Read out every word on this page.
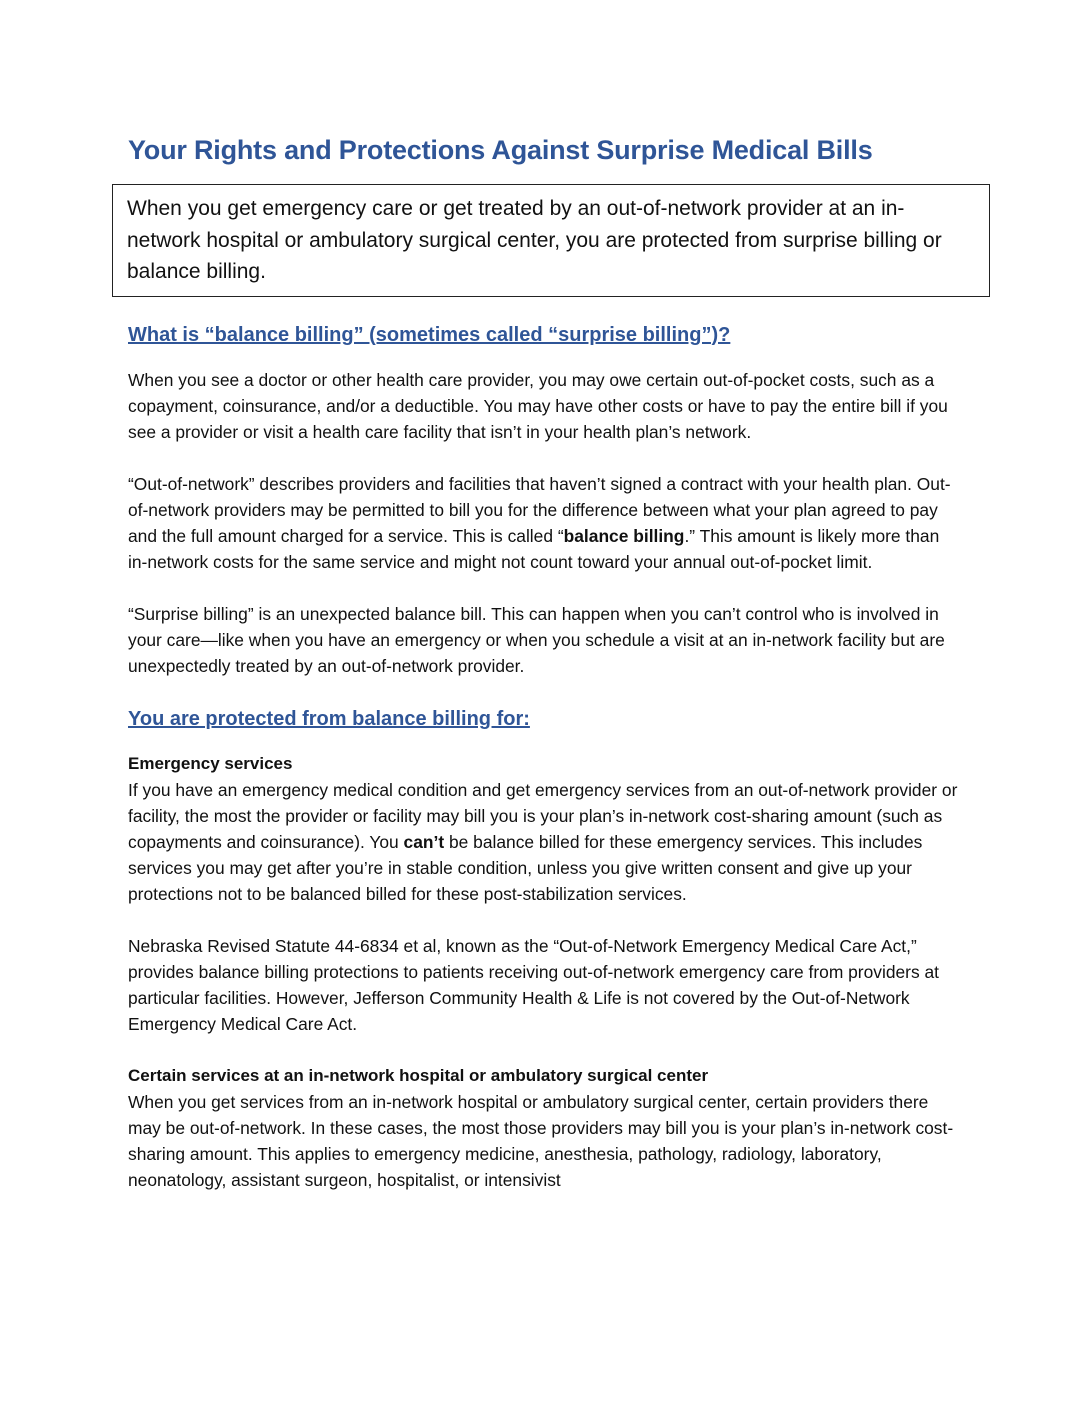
Your Rights and Protections Against Surprise Medical Bills
When you get emergency care or get treated by an out-of-network provider at an in-network hospital or ambulatory surgical center, you are protected from surprise billing or balance billing.
What is “balance billing” (sometimes called “surprise billing”)?

When you see a doctor or other health care provider, you may owe certain out-of-pocket costs, such as a copayment, coinsurance, and/or a deductible. You may have other costs or have to pay the entire bill if you see a provider or visit a health care facility that isn’t in your health plan’s network.

“Out-of-network” describes providers and facilities that haven’t signed a contract with your health plan. Out-of-network providers may be permitted to bill you for the difference between what your plan agreed to pay and the full amount charged for a service. This is called “balance billing.” This amount is likely more than in-network costs for the same service and might not count toward your annual out-of-pocket limit.

“Surprise billing” is an unexpected balance bill. This can happen when you can’t control who is involved in your care—like when you have an emergency or when you schedule a visit at an in-network facility but are unexpectedly treated by an out-of-network provider.

You are protected from balance billing for:

Emergency services

If you have an emergency medical condition and get emergency services from an out-of-network provider or facility, the most the provider or facility may bill you is your plan’s in-network cost-sharing amount (such as copayments and coinsurance). You can’t be balance billed for these emergency services. This includes services you may get after you’re in stable condition, unless you give written consent and give up your protections not to be balanced billed for these post-stabilization services.

Nebraska Revised Statute 44-6834 et al, known as the “Out-of-Network Emergency Medical Care Act,” provides balance billing protections to patients receiving out-of-network emergency care from providers at particular facilities. However, Jefferson Community Health & Life is not covered by the Out-of-Network Emergency Medical Care Act.

Certain services at an in-network hospital or ambulatory surgical center

When you get services from an in-network hospital or ambulatory surgical center, certain providers there may be out-of-network. In these cases, the most those providers may bill you is your plan’s in-network cost-sharing amount. This applies to emergency medicine, anesthesia, pathology, radiology, laboratory, neonatology, assistant surgeon, hospitalist, or intensivist
